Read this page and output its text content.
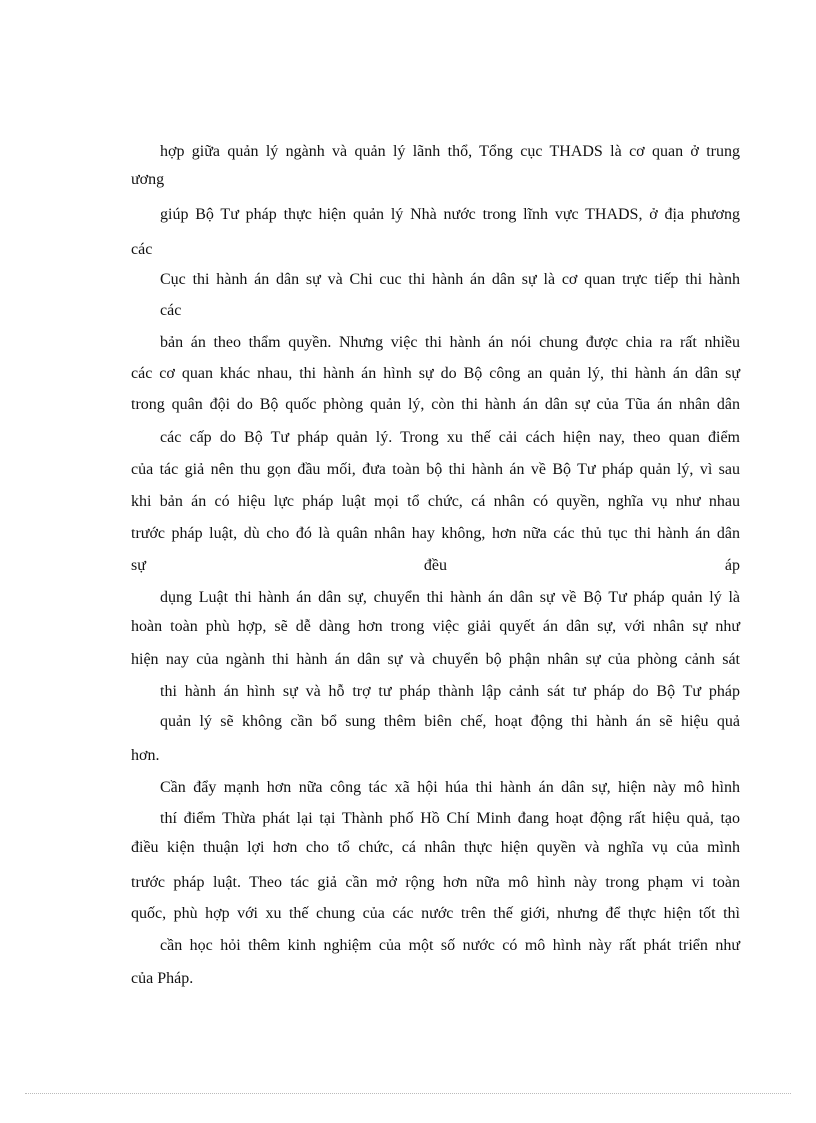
hợp giữa quản lý ngành và quản lý lãnh thổ, Tổng cục THADS là cơ quan ở trung
ương
giúp Bộ Tư pháp thực hiện quản lý Nhà nước trong lĩnh vực THADS, ở địa phương
các
Cục thi hành án dân sự và Chi cuc thi hành án dân sự là cơ quan trực tiếp thi hành
các
bản án theo thẩm quyền. Nhưng việc thi hành án nói chung được chia ra rất nhiều
các cơ quan khác nhau, thi hành án hình sự do Bộ công an quản lý, thi hành án dân sự
trong quân đội do Bộ quốc phòng quản lý, còn thi hành án dân sự của Tũa án nhân dân
các cấp do Bộ Tư pháp quản lý. Trong xu thế cải cách hiện nay, theo quan điểm
của tác giả nên thu gọn đầu mối, đưa toàn bộ thi hành án về Bộ Tư pháp quản lý, vì sau
khi bản án có hiệu lực pháp luật mọi tổ chức, cá nhân có quyền, nghĩa vụ như nhau
trước pháp luật, dù cho đó là quân nhân hay không, hơn nữa các thủ tục thi hành án dân
sự đều áp
dụng Luật thi hành án dân sự, chuyển thi hành án dân sự về Bộ Tư pháp quản lý là
hoàn toàn phù hợp, sẽ dễ dàng hơn trong việc giải quyết án dân sự, với nhân sự như
hiện nay của ngành thi hành án dân sự và chuyển bộ phận nhân sự của phòng cảnh sát
thi hành án hình sự và hỗ trợ tư pháp thành lập cảnh sát tư pháp do Bộ Tư pháp
quản lý sẽ không cần bổ sung thêm biên chế, hoạt động thi hành án sẽ hiệu quả
hơn.
Cần đẩy mạnh hơn nữa công tác xã hội húa thi hành án dân sự, hiện này mô hình
thí điểm Thừa phát lại tại Thành phố Hồ Chí Minh đang hoạt động rất hiệu quả, tạo
điều kiện thuận lợi hơn cho tổ chức, cá nhân thực hiện quyền và nghĩa vụ của mình
trước pháp luật. Theo tác giả cần mở rộng hơn nữa mô hình này trong phạm vi toàn
quốc, phù hợp với xu thế chung của các nước trên thế giới, nhưng để thực hiện tốt thì
cần học hỏi thêm kinh nghiệm của một số nước có mô hình này rất phát triển như
của Pháp.
